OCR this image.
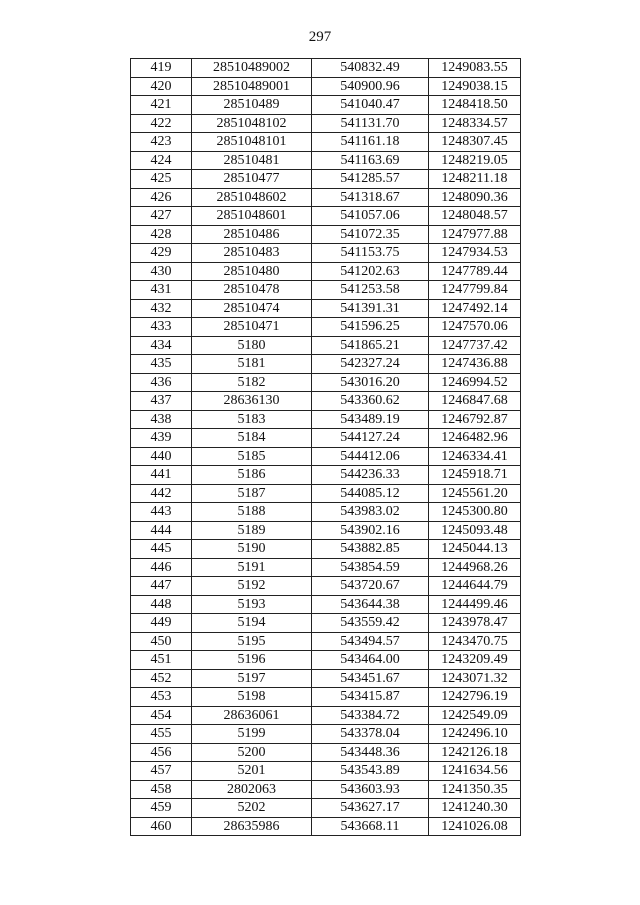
297
419	28510489002	540832.49	1249083.55
420	28510489001	540900.96	1249038.15
421	28510489	541040.47	1248418.50
422	2851048102	541131.70	1248334.57
423	2851048101	541161.18	1248307.45
424	28510481	541163.69	1248219.05
425	28510477	541285.57	1248211.18
426	2851048602	541318.67	1248090.36
427	2851048601	541057.06	1248048.57
428	28510486	541072.35	1247977.88
429	28510483	541153.75	1247934.53
430	28510480	541202.63	1247789.44
431	28510478	541253.58	1247799.84
432	28510474	541391.31	1247492.14
433	28510471	541596.25	1247570.06
434	5180	541865.21	1247737.42
435	5181	542327.24	1247436.88
436	5182	543016.20	1246994.52
437	28636130	543360.62	1246847.68
438	5183	543489.19	1246792.87
439	5184	544127.24	1246482.96
440	5185	544412.06	1246334.41
441	5186	544236.33	1245918.71
442	5187	544085.12	1245561.20
443	5188	543983.02	1245300.80
444	5189	543902.16	1245093.48
445	5190	543882.85	1245044.13
446	5191	543854.59	1244968.26
447	5192	543720.67	1244644.79
448	5193	543644.38	1244499.46
449	5194	543559.42	1243978.47
450	5195	543494.57	1243470.75
451	5196	543464.00	1243209.49
452	5197	543451.67	1243071.32
453	5198	543415.87	1242796.19
454	28636061	543384.72	1242549.09
455	5199	543378.04	1242496.10
456	5200	543448.36	1242126.18
457	5201	543543.89	1241634.56
458	2802063	543603.93	1241350.35
459	5202	543627.17	1241240.30
460	28635986	543668.11	1241026.08
